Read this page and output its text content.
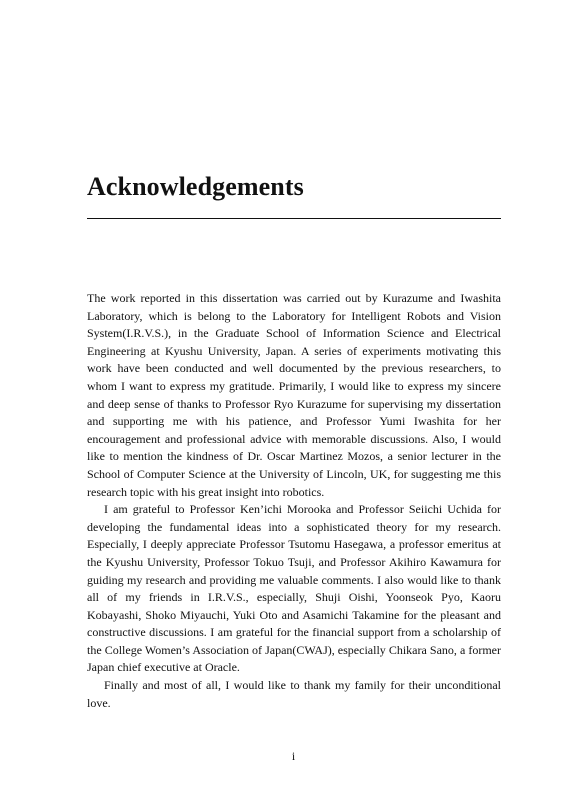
Acknowledgements

The work reported in this dissertation was carried out by Kurazume and Iwashita Laboratory, which is belong to the Laboratory for Intelligent Robots and Vision System(I.R.V.S.), in the Graduate School of Information Science and Electrical Engineering at Kyushu University, Japan. A series of experiments motivating this work have been conducted and well documented by the previous researchers, to whom I want to express my gratitude. Primarily, I would like to express my sincere and deep sense of thanks to Professor Ryo Kurazume for supervising my dissertation and supporting me with his patience, and Professor Yumi Iwashita for her encouragement and professional advice with memorable discussions. Also, I would like to mention the kindness of Dr. Oscar Martinez Mozos, a senior lecturer in the School of Computer Science at the University of Lincoln, UK, for suggesting me this research topic with his great insight into robotics.

I am grateful to Professor Ken’ichi Morooka and Professor Seiichi Uchida for developing the fundamental ideas into a sophisticated theory for my research. Especially, I deeply appreciate Professor Tsutomu Hasegawa, a professor emeritus at the Kyushu University, Professor Tokuo Tsuji, and Professor Akihiro Kawamura for guiding my research and providing me valuable comments. I also would like to thank all of my friends in I.R.V.S., especially, Shuji Oishi, Yoonseok Pyo, Kaoru Kobayashi, Shoko Miyauchi, Yuki Oto and Asamichi Takamine for the pleasant and constructive discussions. I am grateful for the financial support from a scholarship of the College Women’s Association of Japan(CWAJ), especially Chikara Sano, a former Japan chief executive at Oracle.

Finally and most of all, I would like to thank my family for their unconditional love.

i
